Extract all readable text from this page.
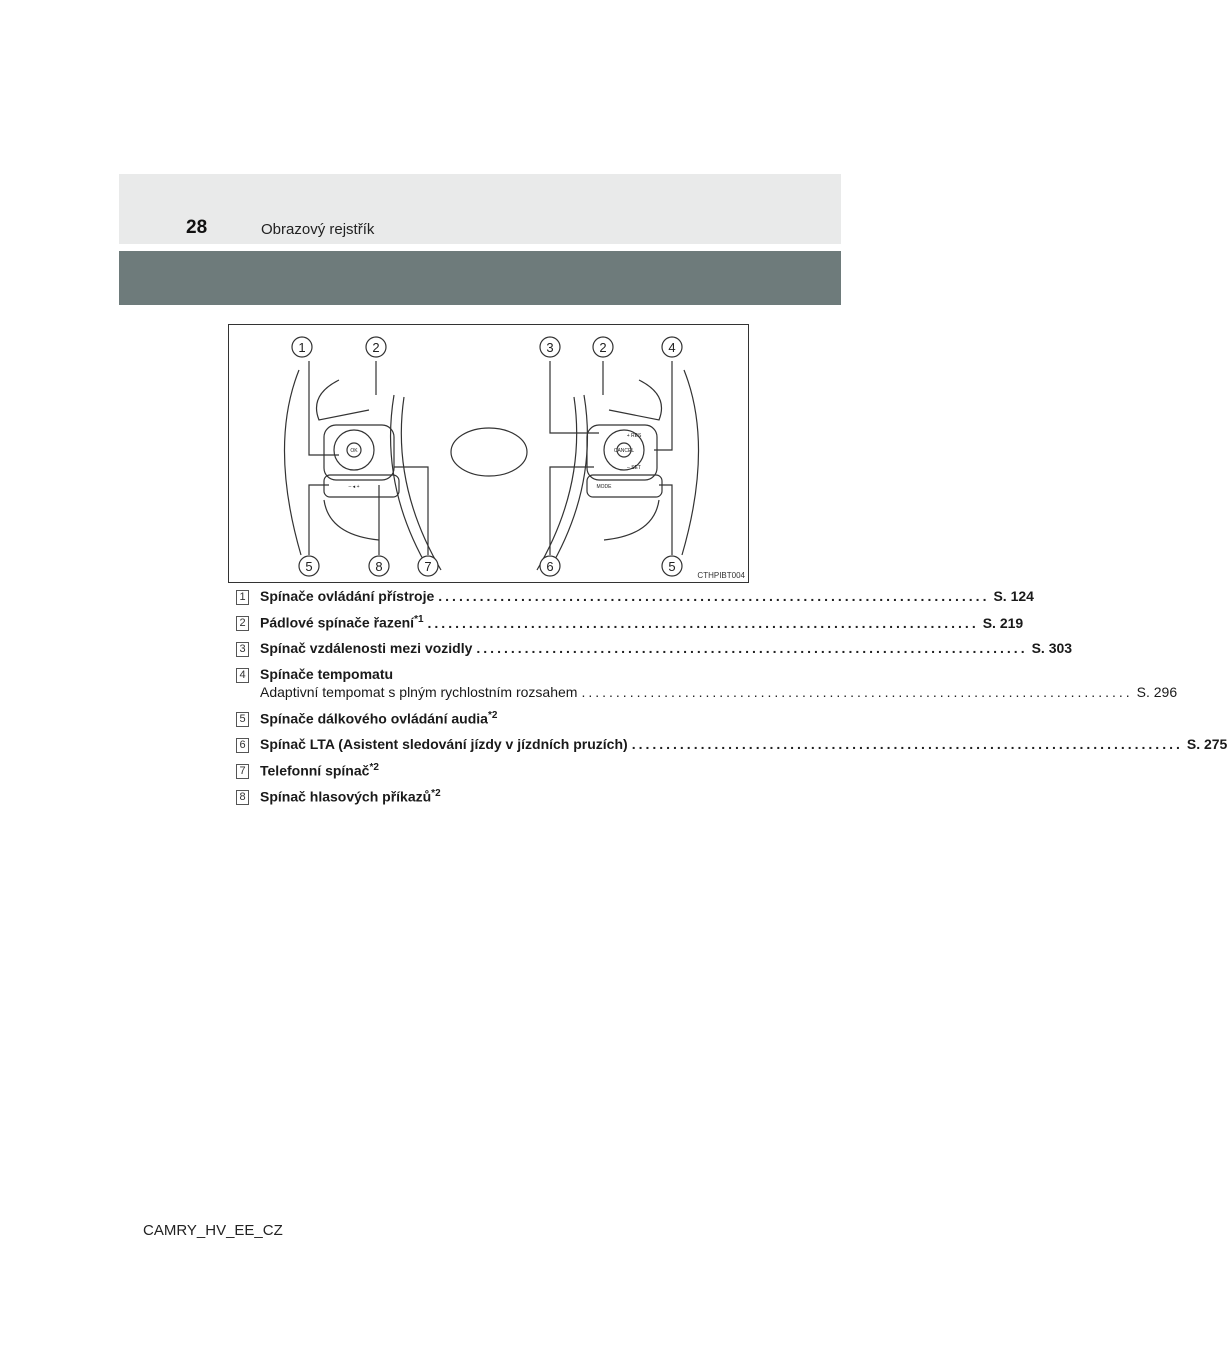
28	Obrazový rejstřík
1	2	3	2	4
5	8	7	6	5
OK	CANCEL
+ RES
– SET
MODE
– ◂ +
CTHPIBT004
1 Spínače ovládání přístroje ................................................................................ S. 124
2 Pádlové spínače řazení$^{*1}$ ................................................................................ S. 219
3 Spínač vzdálenosti mezi vozidly ................................................................................ S. 303
4 Spínače tempomatu
Adaptivní tempomat s plným rychlostním rozsahem ................................................................................ S. 296
5 Spínače dálkového ovládání audia$^{*2}$
6 Spínač LTA (Asistent sledování jízdy v jízdních pruzích) ................................................................................ S. 275
7 Telefonní spínač$^{*2}$
8 Spínač hlasových příkazů$^{*2}$
CAMRY_HV_EE_CZ
